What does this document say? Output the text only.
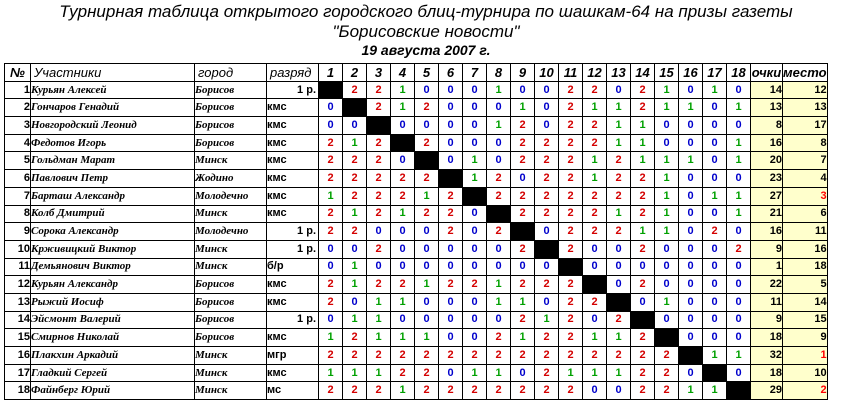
Турнирная таблица открытого городского блиц-турнира по шашкам-64 на призы газеты
"Борисовские новости"
19 августа 2007 г.
№	Участники	город	разряд	1	2	3	4	5	6	7	8	9	10	11	12	13	14	15	16	17	18	очки	место
1	Курьян Алексей	Борисов	1 р.		2	2	1	0	0	0	1	0	0	2	2	0	2	1	0	1	0	14	12
2	Гончаров Генадий	Борисов	кмс	0		2	1	2	0	0	0	1	0	2	1	1	2	1	1	0	1	13	13
3	Новгородский Леонид	Борисов	кмс	0	0		0	0	0	0	1	2	0	2	2	1	1	0	0	0	0	8	17
4	Федотов Игорь	Борисов	кмс	2	1	2		2	0	0	0	2	2	2	2	1	1	0	0	0	1	16	8
5	Гольдман Марат	Минск	кмс	2	2	2	0		0	1	0	2	2	2	1	2	1	1	1	0	1	20	7
6	Павлович Петр	Жодино	кмс	2	2	2	2	2		1	2	0	2	2	1	2	2	1	0	0	0	23	4
7	Барташ Александр	Молодечно	кмс	1	2	2	2	1	2		2	2	2	2	2	2	2	1	0	1	1	27	3
8	Колб Дмитрий	Минск	кмс	2	1	2	1	2	2	0		2	2	2	2	1	2	1	0	0	1	21	6
9	Сорока Александр	Молодечно	1 р.	2	2	0	0	0	2	0	2		0	2	2	2	1	1	0	2	0	16	11
10	Крживицкий Виктор	Минск	1 р.	0	0	2	0	0	0	0	0	2		2	0	0	2	0	0	0	2	9	16
11	Демьянович Виктор	Минск	б/р	0	1	0	0	0	0	0	0	0	0		0	0	0	0	0	0	0	1	18
12	Курьян Александр	Борисов	кмс	2	1	2	2	1	2	2	1	2	2	2		0	2	0	0	0	0	22	5
13	Рыжий Иосиф	Борисов	кмс	2	0	1	1	0	0	0	1	1	0	2	2		0	1	0	0	0	11	14
14	Эйсмонт Валерий	Борисов	1 р.	0	1	1	0	0	0	0	0	2	1	2	0	2		0	0	0	0	9	15
15	Смирнов Николай	Борисов	кмс	1	2	1	1	1	0	0	2	1	2	2	1	1	2		0	0	0	18	9
16	Плакхин Аркадий	Минск	мгр	2	2	2	2	2	2	2	2	2	2	2	2	2	2	2		1	1	32	1
17	Гладкий Сергей	Минск	кмс	1	1	1	2	2	0	1	1	0	2	1	1	1	2	2	0		0	18	10
18	Файнберг Юрий	Минск	мс	2	2	2	1	2	2	2	2	2	2	2	0	0	2	2	1	1		29	2
